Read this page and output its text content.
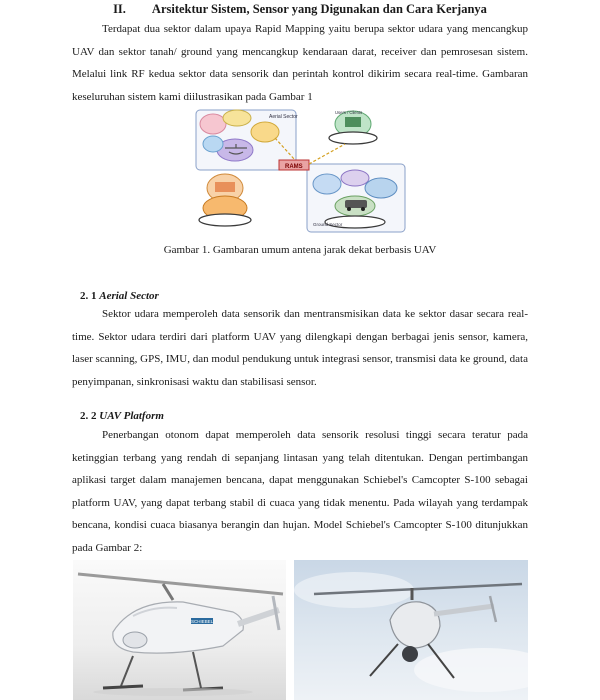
II. Arsitektur Sistem, Sensor yang Digunakan dan Cara Kerjanya

Terdapat dua sektor dalam upaya Rapid Mapping yaitu berupa sektor udara yang mencangkup UAV dan sektor tanah/ ground yang mencangkup kendaraan darat, receiver dan pemrosesan sistem. Melalui link RF kedua sektor data sensorik dan perintah kontrol dikirim secara real-time. Gambaran keseluruhan sistem kami diilustrasikan pada Gambar 1

Aerial Sector
Users / Clients
RAMS
Ground Sector
Gambar 1. Gambaran umum antena jarak dekat berbasis UAV
2. 1 Aerial Sector

Sektor udara memperoleh data sensorik dan mentransmisikan data ke sektor dasar secara real-time. Sektor udara terdiri dari platform UAV yang dilengkapi dengan berbagai jenis sensor, kamera, laser scanning, GPS, IMU, dan modul pendukung untuk integrasi sensor, transmisi data ke ground, data penyimpanan, sinkronisasi waktu dan stabilisasi sensor.

2. 2 UAV Platform

Penerbangan otonom dapat memperoleh data sensorik resolusi tinggi secara teratur pada ketinggian terbang yang rendah di sepanjang lintasan yang telah ditentukan. Dengan pertimbangan aplikasi target dalam manajemen bencana, dapat menggunakan Schiebel's Camcopter S-100 sebagai platform UAV, yang dapat terbang stabil di cuaca yang tidak menentu. Pada wilayah yang terdampak bencana, kondisi cuaca biasanya berangin dan hujan. Model Schiebel's Camcopter S-100 ditunjukkan pada Gambar 2:

SCHIEBEL
